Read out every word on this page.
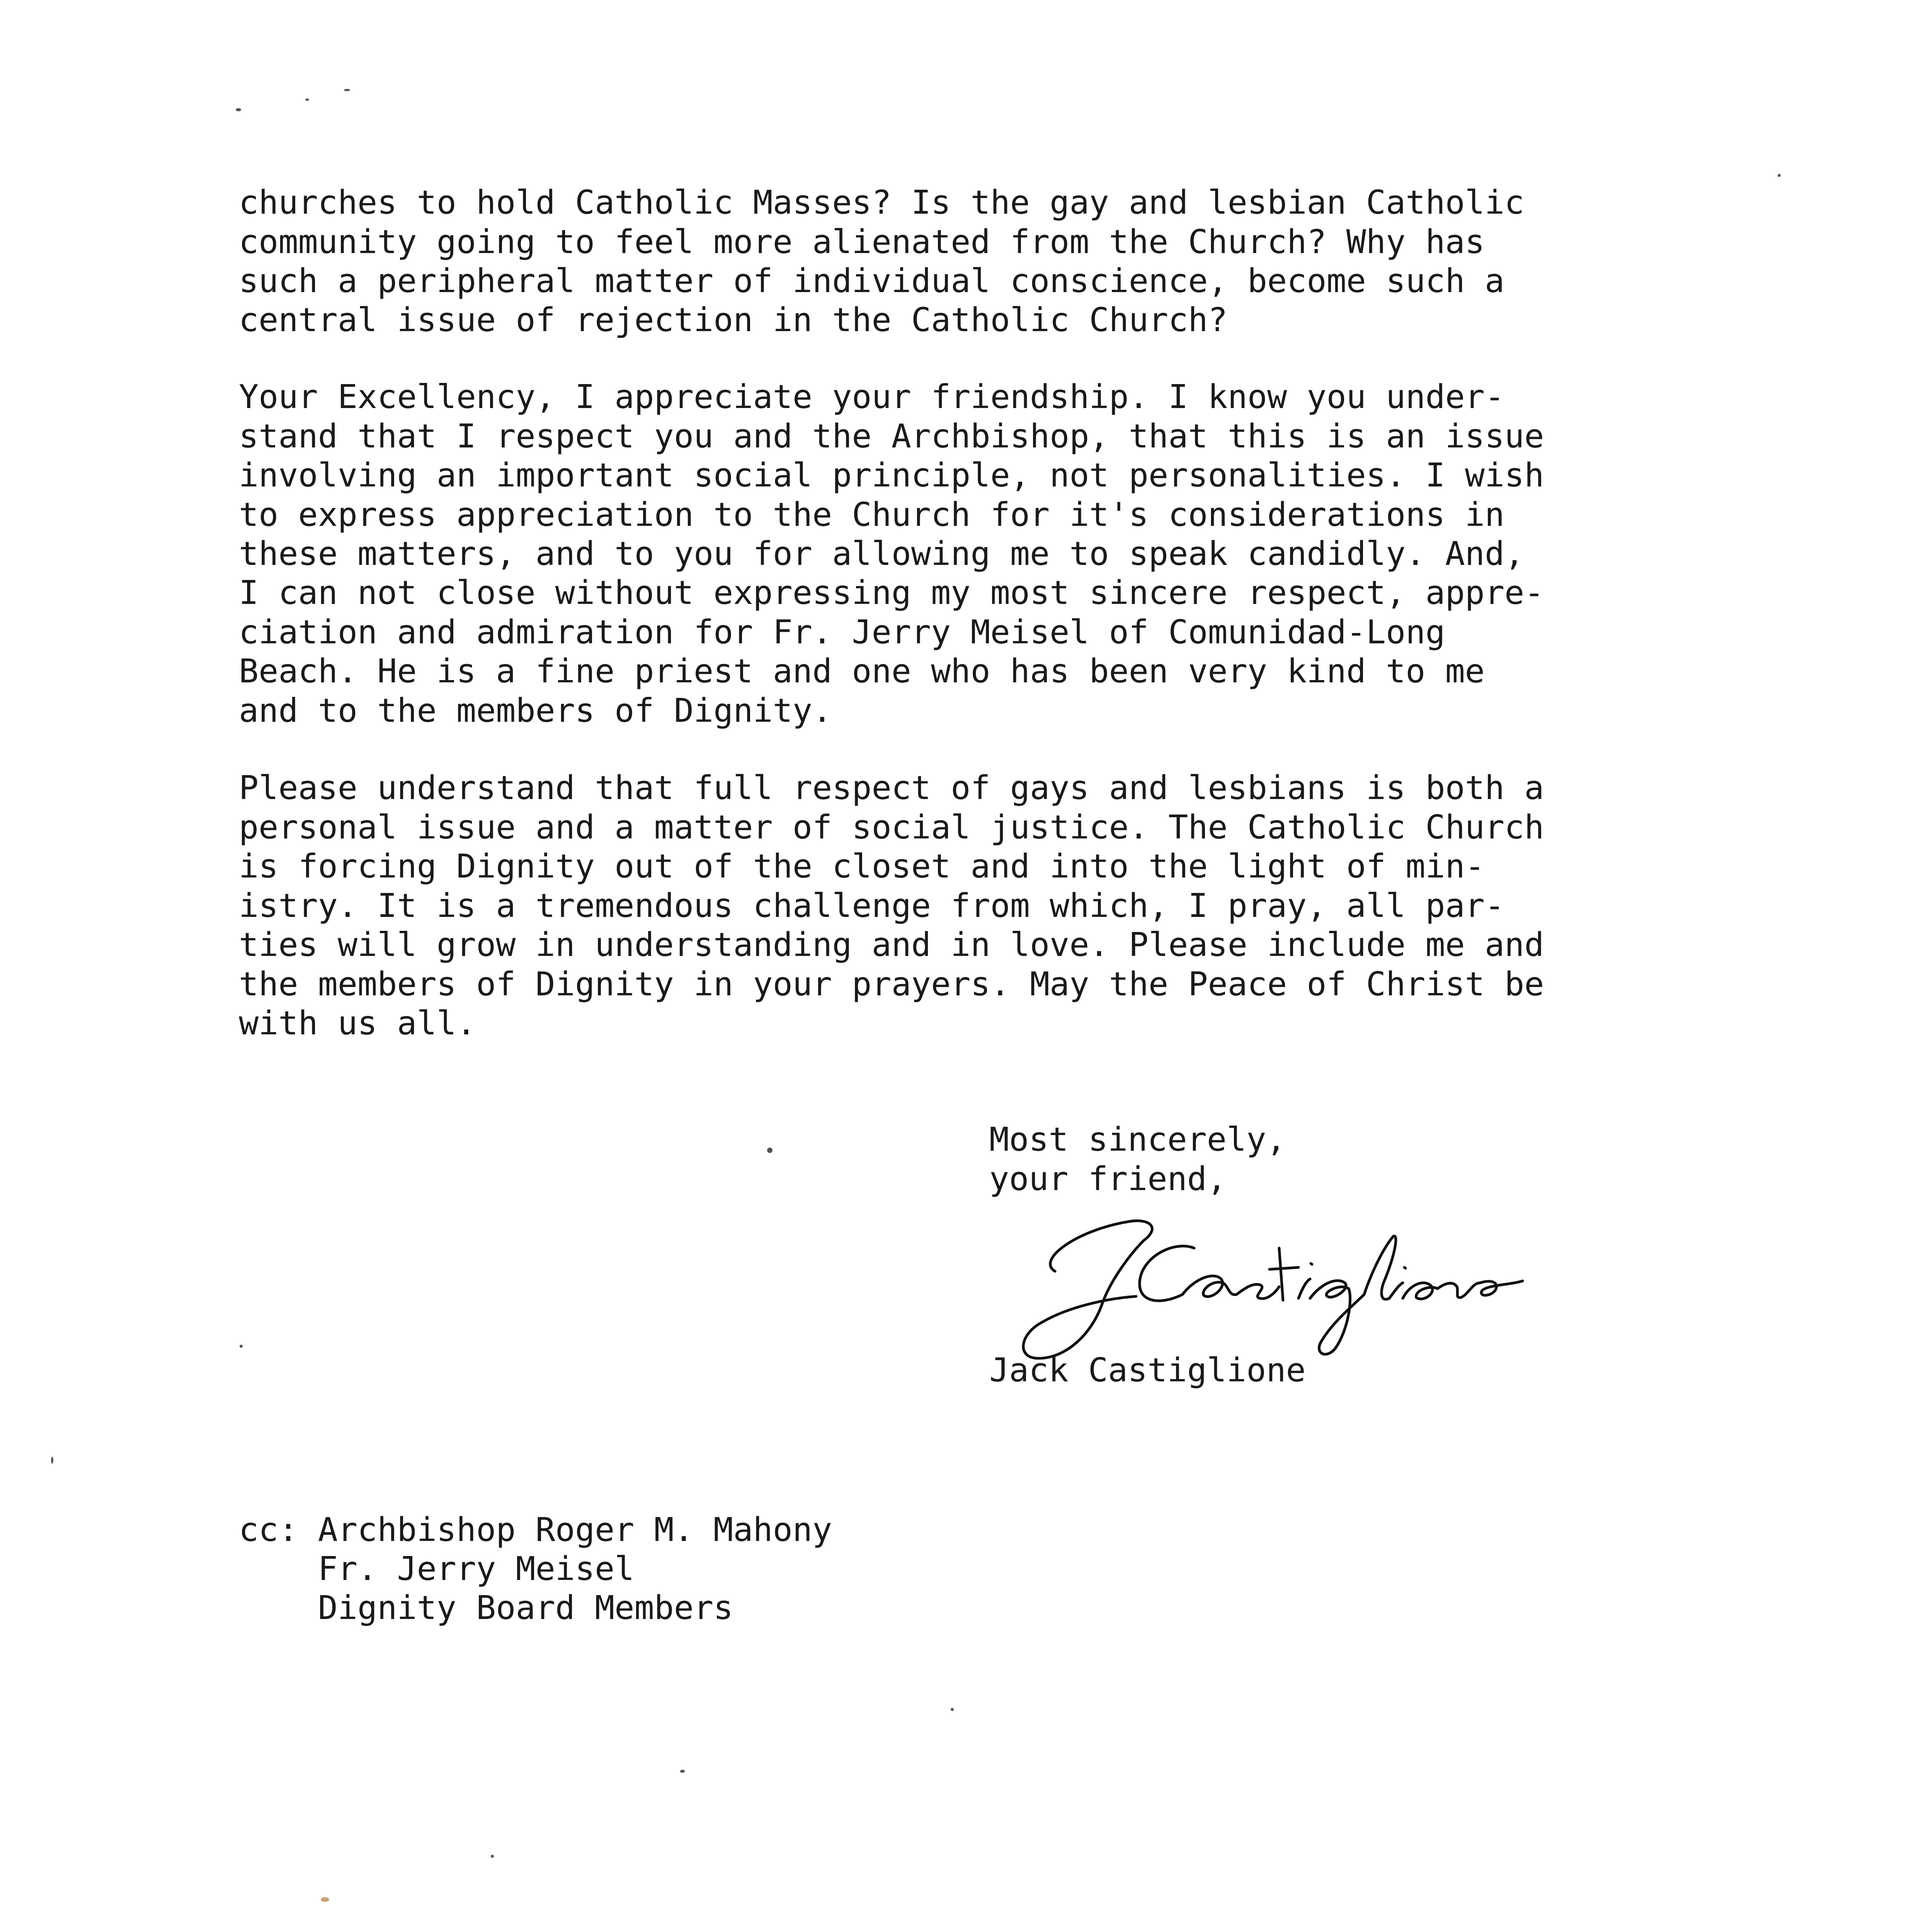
churches to hold Catholic Masses? Is the gay and lesbian Catholic
community going to feel more alienated from the Church? Why has
such a peripheral matter of individual conscience, become such a
central issue of rejection in the Catholic Church?
Your Excellency, I appreciate your friendship. I know you under-
stand that I respect you and the Archbishop, that this is an issue
involving an important social principle, not personalities. I wish
to express appreciation to the Church for it's considerations in
these matters, and to you for allowing me to speak candidly. And,
I can not close without expressing my most sincere respect, appre-
ciation and admiration for Fr. Jerry Meisel of Comunidad-Long
Beach. He is a fine priest and one who has been very kind to me
and to the members of Dignity.
Please understand that full respect of gays and lesbians is both a
personal issue and a matter of social justice. The Catholic Church
is forcing Dignity out of the closet and into the light of min-
istry. It is a tremendous challenge from which, I pray, all par-
ties will grow in understanding and in love. Please include me and
the members of Dignity in your prayers. May the Peace of Christ be
with us all.
Most sincerely,
your friend,
Jack Castiglione
cc: Archbishop Roger M. Mahony
Fr. Jerry Meisel
Dignity Board Members
